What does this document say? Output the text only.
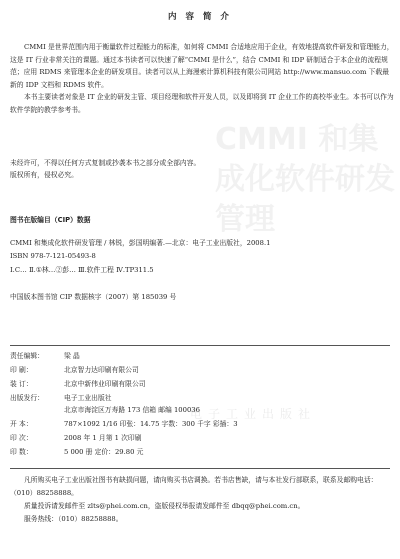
CMMI 和集成化软件研发管理
电子工业出版社
内 容 简 介

CMMI 是世界范围内用于衡量软件过程能力的标准，如何将 CMMI 合适地应用于企业，有效地提高软件研发和管理能力，这是 IT 行业非常关注的课题。通过本书读者可以快速了解“CMMI 是什么”，结合 CMMI 和 IDP 研制适合于本企业的流程规范；应用 RDMS 来管理本企业的研发项目。读者可以从上海漫索计算机科技有限公司网站 http://www.mansuo.com 下载最新的 IDP 文档和 RDMS 软件。

本书主要读者对象是 IT 企业的研发主管、项目经理和软件开发人员，以及即将到 IT 企业工作的高校毕业生。本书可以作为软件学院的教学参考书。

未经许可，不得以任何方式复制或抄袭本书之部分或全部内容。
版权所有，侵权必究。
图书在版编目（CIP）数据
CMMI 和集成化软件研发管理 / 林锐，彭国明编著.—北京：电子工业出版社，2008.1
ISBN 978-7-121-05493-8
Ⅰ.C… Ⅱ.①林…②彭… Ⅲ.软件工程 Ⅳ.TP311.5
中国版本图书馆 CIP 数据核字（2007）第 185039 号
责任编辑：	梁 晶
印 刷：	北京智力达印刷有限公司
装 订：	北京中新伟业印刷有限公司
出版发行：	电子工业出版社
北京市海淀区万寿路 173 信箱 邮编 100036
开 本：	787×1092 1/16 印张：14.75 字数：300 千字 彩插：3
印 次：	2008 年 1 月第 1 次印刷
印 数：	5 000 册 定价：29.80 元
凡所购买电子工业出版社图书有缺损问题，请向购买书店调换。若书店售缺，请与本社发行部联系，联系及邮购电话：（010）88258888。
质量投诉请发邮件至 zlts@phei.com.cn，盗版侵权举报请发邮件至 dbqq@phei.com.cn。
服务热线：（010）88258888。
